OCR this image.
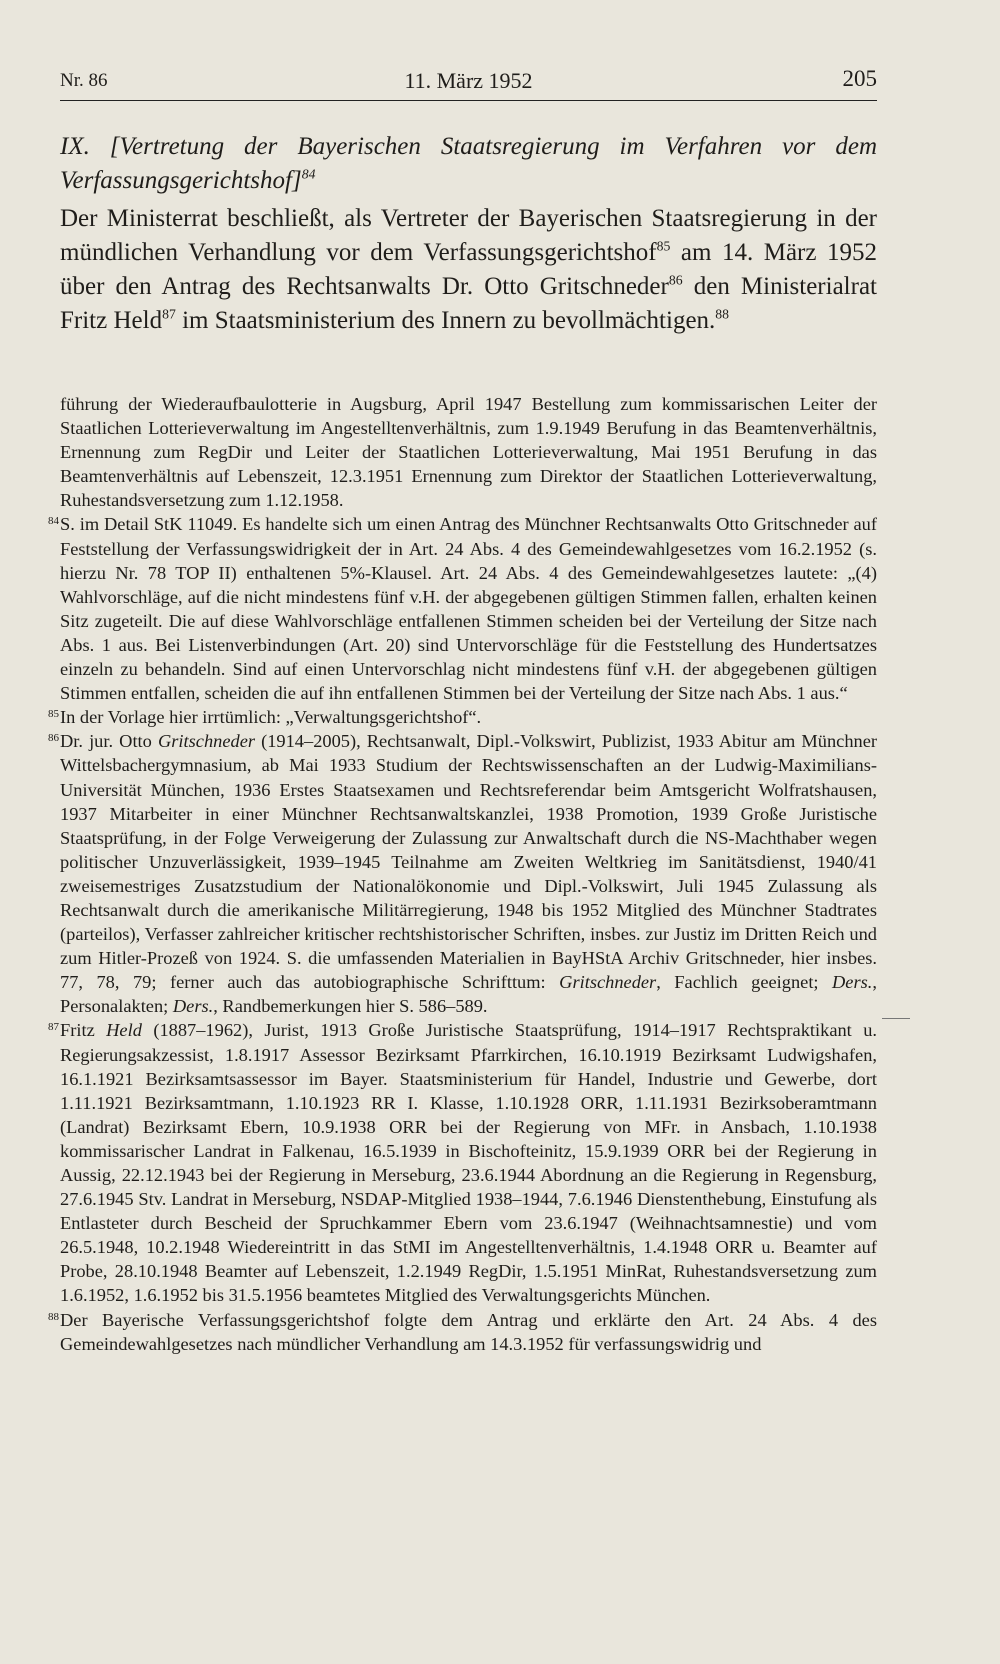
Nr. 86	11. März 1952	205
IX. [Vertretung der Bayerischen Staatsregierung im Verfahren vor dem Verfassungsgerichtshof]$^{84}$
Der Ministerrat beschließt, als Vertreter der Bayerischen Staatsregierung in der mündlichen Verhandlung vor dem Verfassungsgerichtshof$^{85}$ am 14. März 1952 über den Antrag des Rechtsanwalts Dr. Otto Gritschneder$^{86}$ den Ministerialrat Fritz Held$^{87}$ im Staatsministerium des Innern zu bevollmächtigen.$^{88}$
führung der Wiederaufbaulotterie in Augsburg, April 1947 Bestellung zum kommissarischen Leiter der Staatlichen Lotterieverwaltung im Angestelltenverhältnis, zum 1.9.1949 Berufung in das Beamtenverhältnis, Ernennung zum RegDir und Leiter der Staatlichen Lotterieverwaltung, Mai 1951 Berufung in das Beamtenverhältnis auf Lebenszeit, 12.3.1951 Ernennung zum Direktor der Staatlichen Lotterieverwaltung, Ruhestandsversetzung zum 1.12.1958.
84 S. im Detail StK 11049. Es handelte sich um einen Antrag des Münchner Rechtsanwalts Otto Gritschneder auf Feststellung der Verfassungswidrigkeit der in Art. 24 Abs. 4 des Gemeindewahlgesetzes vom 16.2.1952 (s. hierzu Nr. 78 TOP II) enthaltenen 5%-Klausel. Art. 24 Abs. 4 des Gemeindewahlgesetzes lautete: „(4) Wahlvorschläge, auf die nicht mindestens fünf v.H. der abgegebenen gültigen Stimmen fallen, erhalten keinen Sitz zugeteilt. Die auf diese Wahlvorschläge entfallenen Stimmen scheiden bei der Verteilung der Sitze nach Abs. 1 aus. Bei Listenverbindungen (Art. 20) sind Untervorschläge für die Feststellung des Hundertsatzes einzeln zu behandeln. Sind auf einen Untervorschlag nicht mindestens fünf v.H. der abgegebenen gültigen Stimmen entfallen, scheiden die auf ihn entfallenen Stimmen bei der Verteilung der Sitze nach Abs. 1 aus.“
85 In der Vorlage hier irrtümlich: „Verwaltungsgerichtshof“.
86 Dr. jur. Otto Gritschneder (1914–2005), Rechtsanwalt, Dipl.-Volkswirt, Publizist, 1933 Abitur am Münchner Wittelsbachergymnasium, ab Mai 1933 Studium der Rechtswissenschaften an der Ludwig-Maximilians-Universität München, 1936 Erstes Staatsexamen und Rechtsreferendar beim Amtsgericht Wolfratshausen, 1937 Mitarbeiter in einer Münchner Rechtsanwaltskanzlei, 1938 Promotion, 1939 Große Juristische Staatsprüfung, in der Folge Verweigerung der Zulassung zur Anwaltschaft durch die NS-Machthaber wegen politischer Unzuverlässigkeit, 1939–1945 Teilnahme am Zweiten Weltkrieg im Sanitätsdienst, 1940/41 zweisemestriges Zusatzstudium der Nationalökonomie und Dipl.-Volkswirt, Juli 1945 Zulassung als Rechtsanwalt durch die amerikanische Militärregierung, 1948 bis 1952 Mitglied des Münchner Stadtrates (parteilos), Verfasser zahlreicher kritischer rechtshistorischer Schriften, insbes. zur Justiz im Dritten Reich und zum Hitler-Prozeß von 1924. S. die umfassenden Materialien in BayHStA Archiv Gritschneder, hier insbes. 77, 78, 79; ferner auch das autobiographische Schrifttum: Gritschneder, Fachlich geeignet; Ders., Personalakten; Ders., Randbemerkungen hier S. 586–589.
87 Fritz Held (1887–1962), Jurist, 1913 Große Juristische Staatsprüfung, 1914–1917 Rechtspraktikant u. Regierungsakzessist, 1.8.1917 Assessor Bezirksamt Pfarrkirchen, 16.10.1919 Bezirksamt Ludwigshafen, 16.1.1921 Bezirksamtsassessor im Bayer. Staatsministerium für Handel, Industrie und Gewerbe, dort 1.11.1921 Bezirksamtmann, 1.10.1923 RR I. Klasse, 1.10.1928 ORR, 1.11.1931 Bezirksoberamtmann (Landrat) Bezirksamt Ebern, 10.9.1938 ORR bei der Regierung von MFr. in Ansbach, 1.10.1938 kommissarischer Landrat in Falkenau, 16.5.1939 in Bischofteinitz, 15.9.1939 ORR bei der Regierung in Aussig, 22.12.1943 bei der Regierung in Merseburg, 23.6.1944 Abordnung an die Regierung in Regensburg, 27.6.1945 Stv. Landrat in Merseburg, NSDAP-Mitglied 1938–1944, 7.6.1946 Dienstenthebung, Einstufung als Entlasteter durch Bescheid der Spruchkammer Ebern vom 23.6.1947 (Weihnachtsamnestie) und vom 26.5.1948, 10.2.1948 Wiedereintritt in das StMI im Angestelltenverhältnis, 1.4.1948 ORR u. Beamter auf Probe, 28.10.1948 Beamter auf Lebenszeit, 1.2.1949 RegDir, 1.5.1951 MinRat, Ruhestandsversetzung zum 1.6.1952, 1.6.1952 bis 31.5.1956 beamtetes Mitglied des Verwaltungsgerichts München.
88 Der Bayerische Verfassungsgerichtshof folgte dem Antrag und erklärte den Art. 24 Abs. 4 des Gemeindewahlgesetzes nach mündlicher Verhandlung am 14.3.1952 für verfassungswidrig und
